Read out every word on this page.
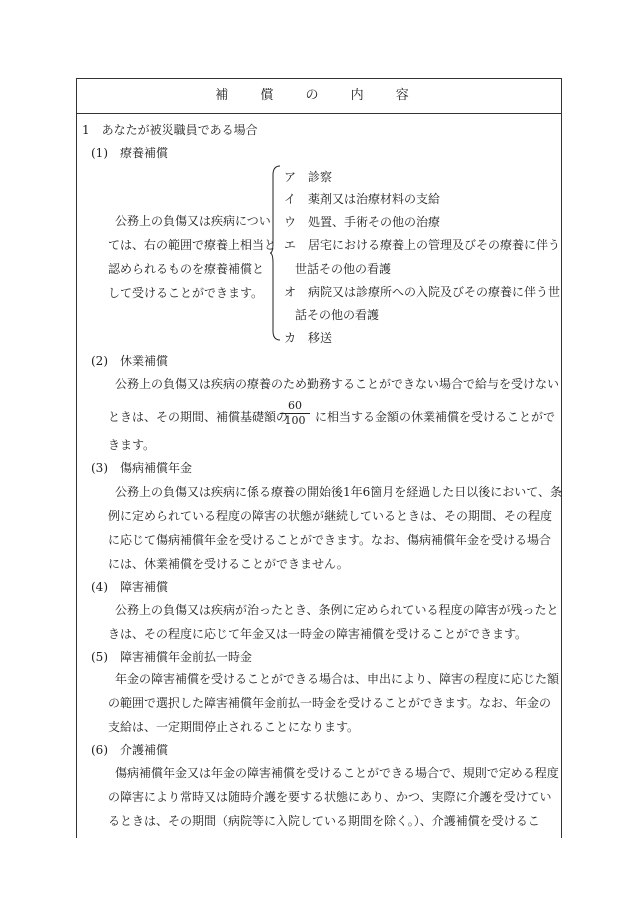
補 償 の 内 容
1　あなたが被災職員である場合
(1)　療養補償
公務上の負傷又は疾病につい
ては、右の範囲で療養上相当と
認められるものを療養補償と
して受けることができます。
ア　診察
イ　薬剤又は治療材料の支給
ウ　処置、手術その他の治療
エ　居宅における療養上の管理及びその療養に伴う
世話その他の看護
オ　病院又は診療所への入院及びその療養に伴う世
話その他の看護
カ　移送
(2)　休業補償
公務上の負傷又は疾病の療養のため勤務することができない場合で給与を受けない
ときは、その期間、補償基礎額の に相当する金額の休業補償を受けることがで
きます。
(3)　傷病補償年金
公務上の負傷又は疾病に係る療養の開始後1年6箇月を経過した日以後において、条
例に定められている程度の障害の状態が継続しているときは、その期間、その程度
に応じて傷病補償年金を受けることができます。なお、傷病補償年金を受ける場合
には、休業補償を受けることができません。
(4)　障害補償
公務上の負傷又は疾病が治ったとき、条例に定められている程度の障害が残ったと
きは、その程度に応じて年金又は一時金の障害補償を受けることができます。
(5)　障害補償年金前払一時金
年金の障害補償を受けることができる場合は、申出により、障害の程度に応じた額
の範囲で選択した障害補償年金前払一時金を受けることができます。なお、年金の
支給は、一定期間停止されることになります。
(6)　介護補償
傷病補償年金又は年金の障害補償を受けることができる場合で、規則で定める程度
の障害により常時又は随時介護を要する状態にあり、かつ、実際に介護を受けてい
るときは、その期間（病院等に入院している期間を除く。）、介護補償を受けるこ
$\frac{60}{100}$
